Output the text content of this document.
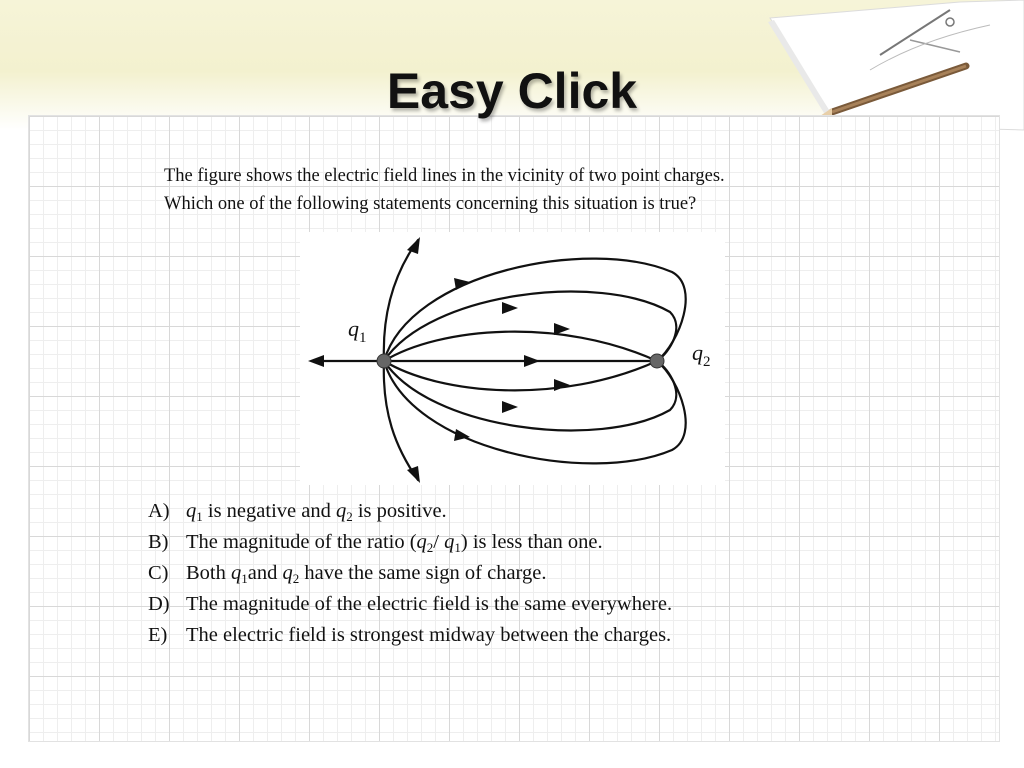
Easy Click

The figure shows the electric field lines in the vicinity of two point charges.

Which one of the following statements concerning this situation is true?

$q_1$
$q_2$
A) $q_1$ is negative and $q_2$ is positive.
B) The magnitude of the ratio ($q_2/$ $q_1$) is less than one.
C) Both $q_1and$ $q_2$ have the same sign of charge.
D) The magnitude of the electric field is the same everywhere.
E) The electric field is strongest midway between the charges.
